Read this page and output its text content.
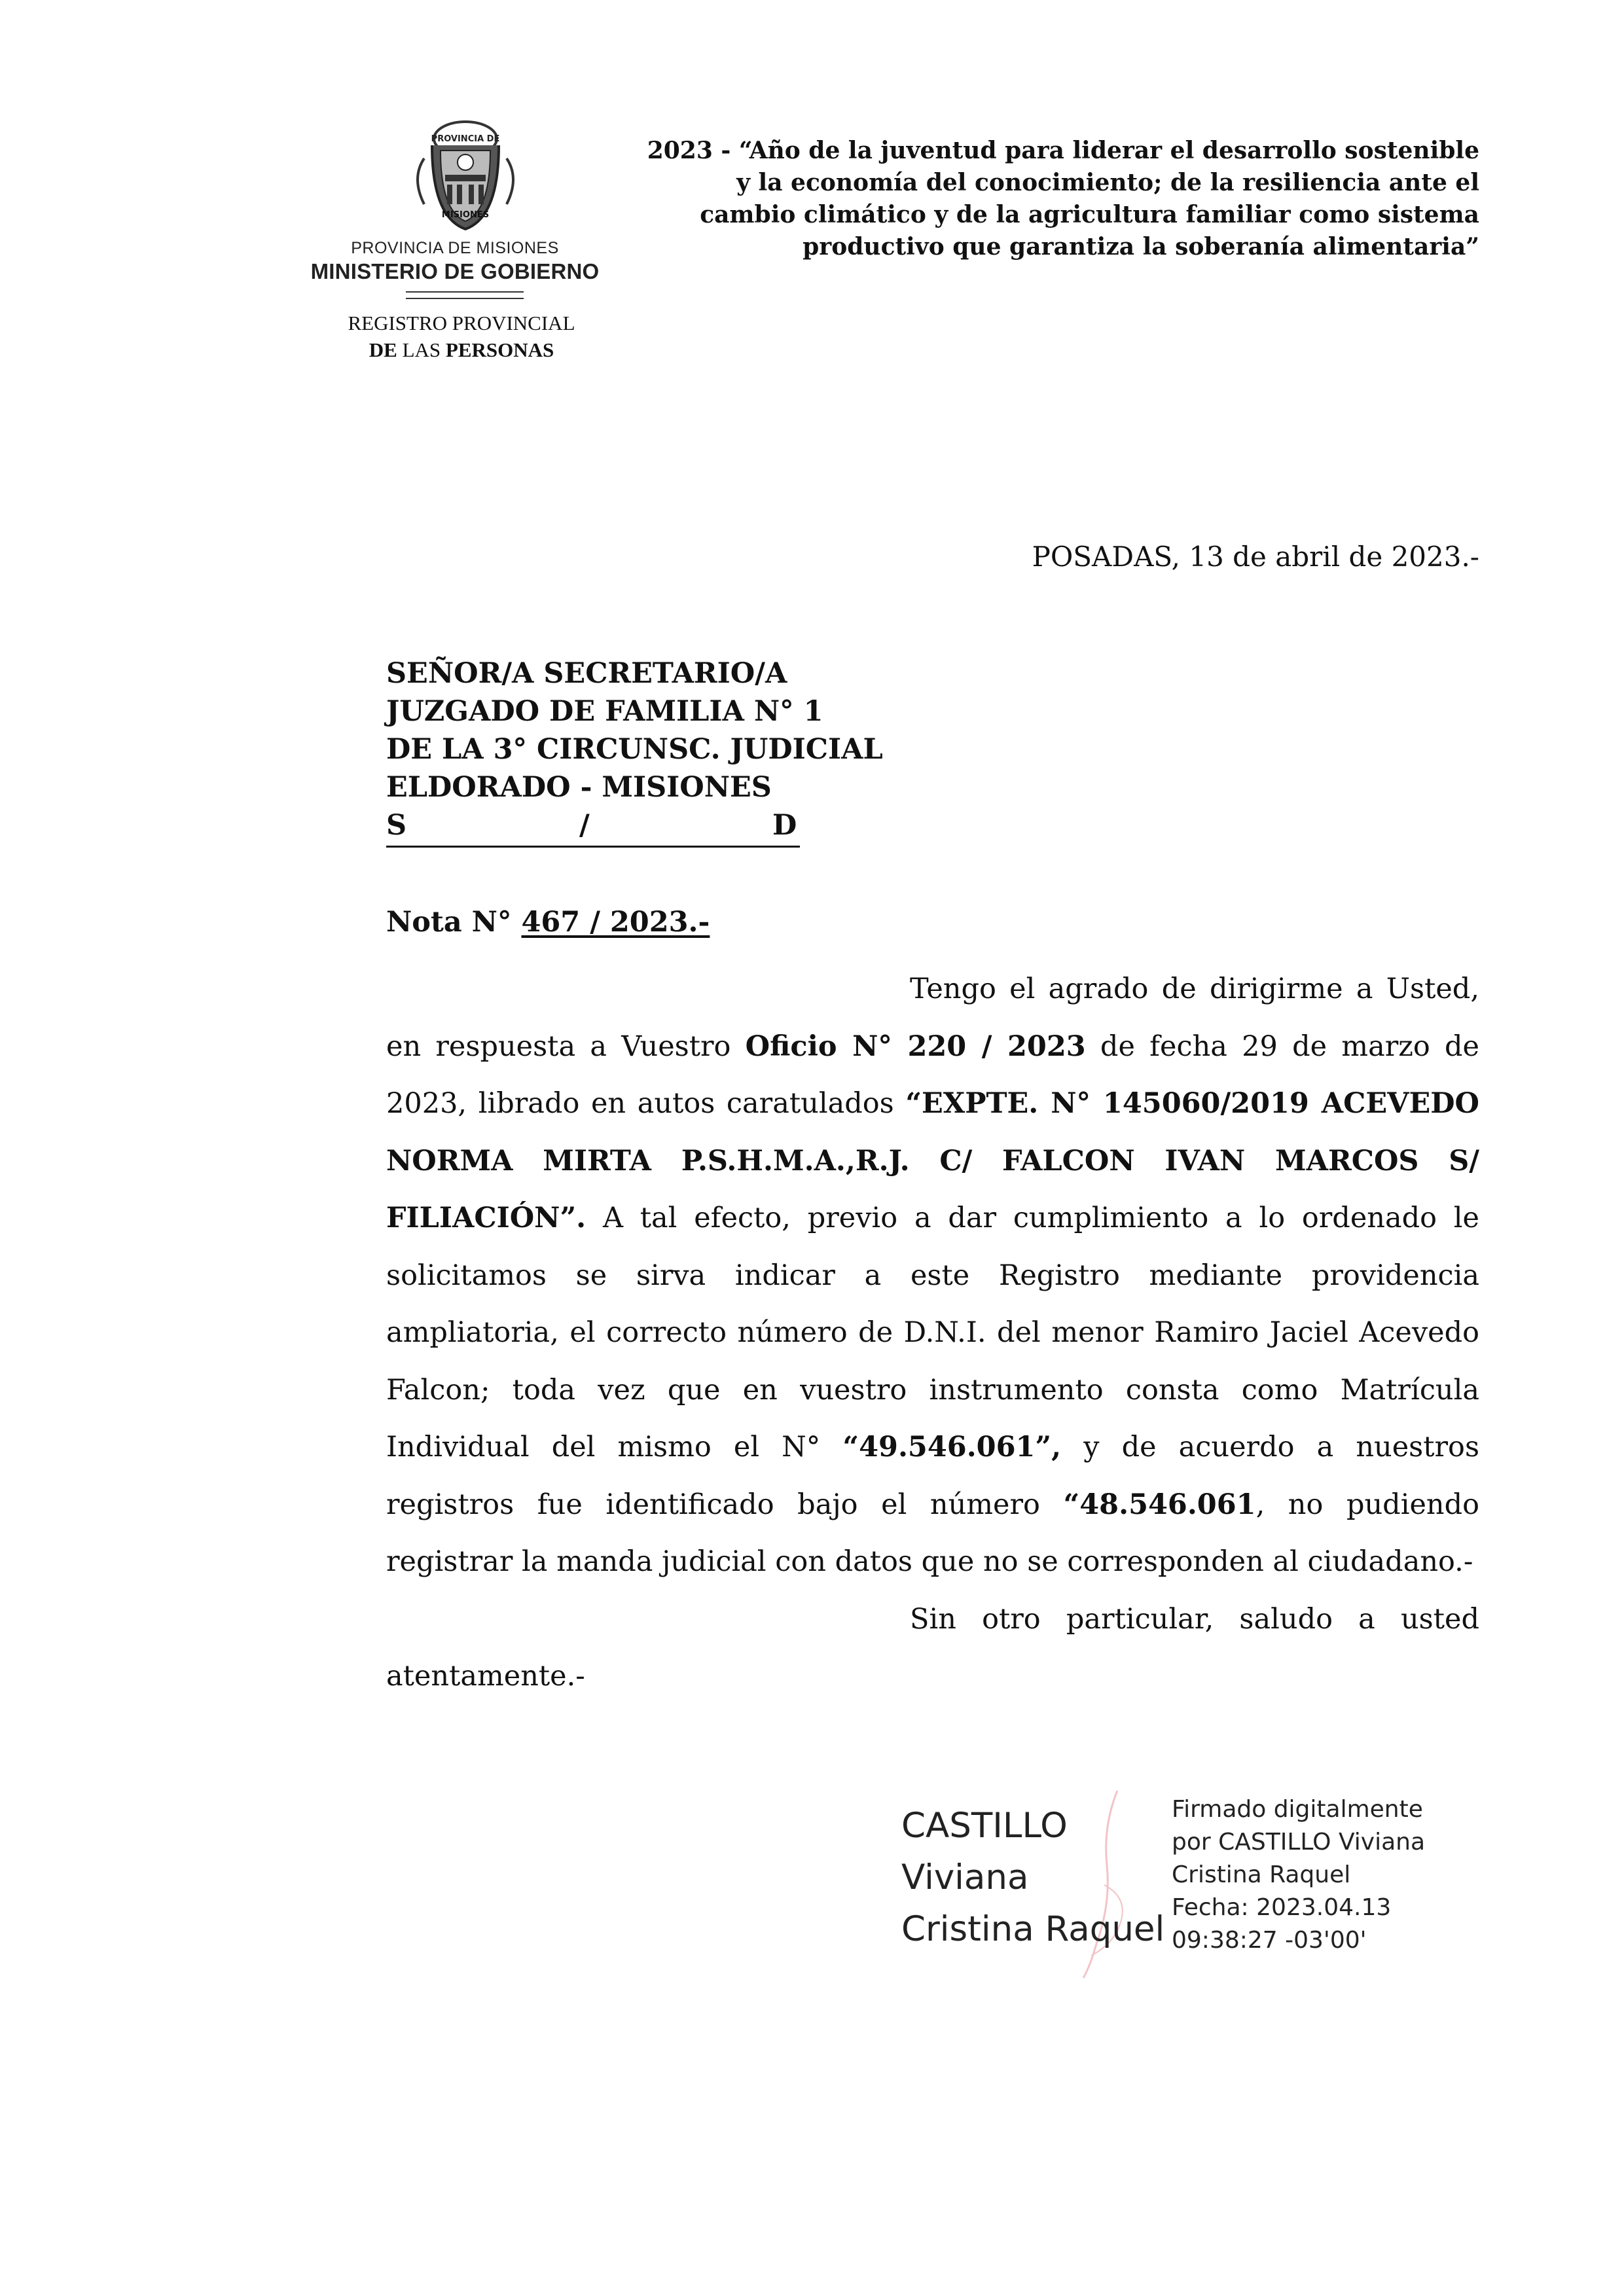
PROVINCIA DE
MISIONES
PROVINCIA DE MISIONES
MINISTERIO DE GOBIERNO
REGISTRO PROVINCIAL
DE LAS PERSONAS
2023 - “Año de la juventud para liderar el desarrollo sostenible
y la economía del conocimiento; de la resiliencia ante el
cambio climático y de la agricultura familiar como sistema
productivo que garantiza la soberanía alimentaria”
POSADAS, 13 de abril de 2023.-
SEÑOR/A SECRETARIO/A
JUZGADO DE FAMILIA N° 1
DE LA 3° CIRCUNSC. JUDICIAL
ELDORADO - MISIONES
S	/	D
Nota N° 467 / 2023.-

Tengo el agrado de dirigirme a Usted, en respuesta a Vuestro Oficio N° 220 / 2023 de fecha 29 de marzo de 2023, librado en autos caratulados “EXPTE. N° 145060/2019 ACEVEDO NORMA MIRTA P.S.H.M.A.,R.J. C/ FALCON IVAN MARCOS S/ FILIACIÓN”. A tal efecto, previo a dar cumplimiento a lo ordenado le solicitamos se sirva indicar a este Registro mediante providencia ampliatoria, el correcto número de D.N.I. del menor Ramiro Jaciel Acevedo Falcon; toda vez que en vuestro instrumento consta como Matrícula Individual del mismo el N° “49.546.061”, y de acuerdo a nuestros registros fue identificado bajo el número “48.546.061, no pudiendo registrar la manda judicial con datos que no se corresponden al ciudadano.-

Sin otro particular, saludo a usted atentamente.-

CASTILLO
Viviana
Cristina Raquel
Firmado digitalmente
por CASTILLO Viviana
Cristina Raquel
Fecha: 2023.04.13
09:38:27 -03'00'
